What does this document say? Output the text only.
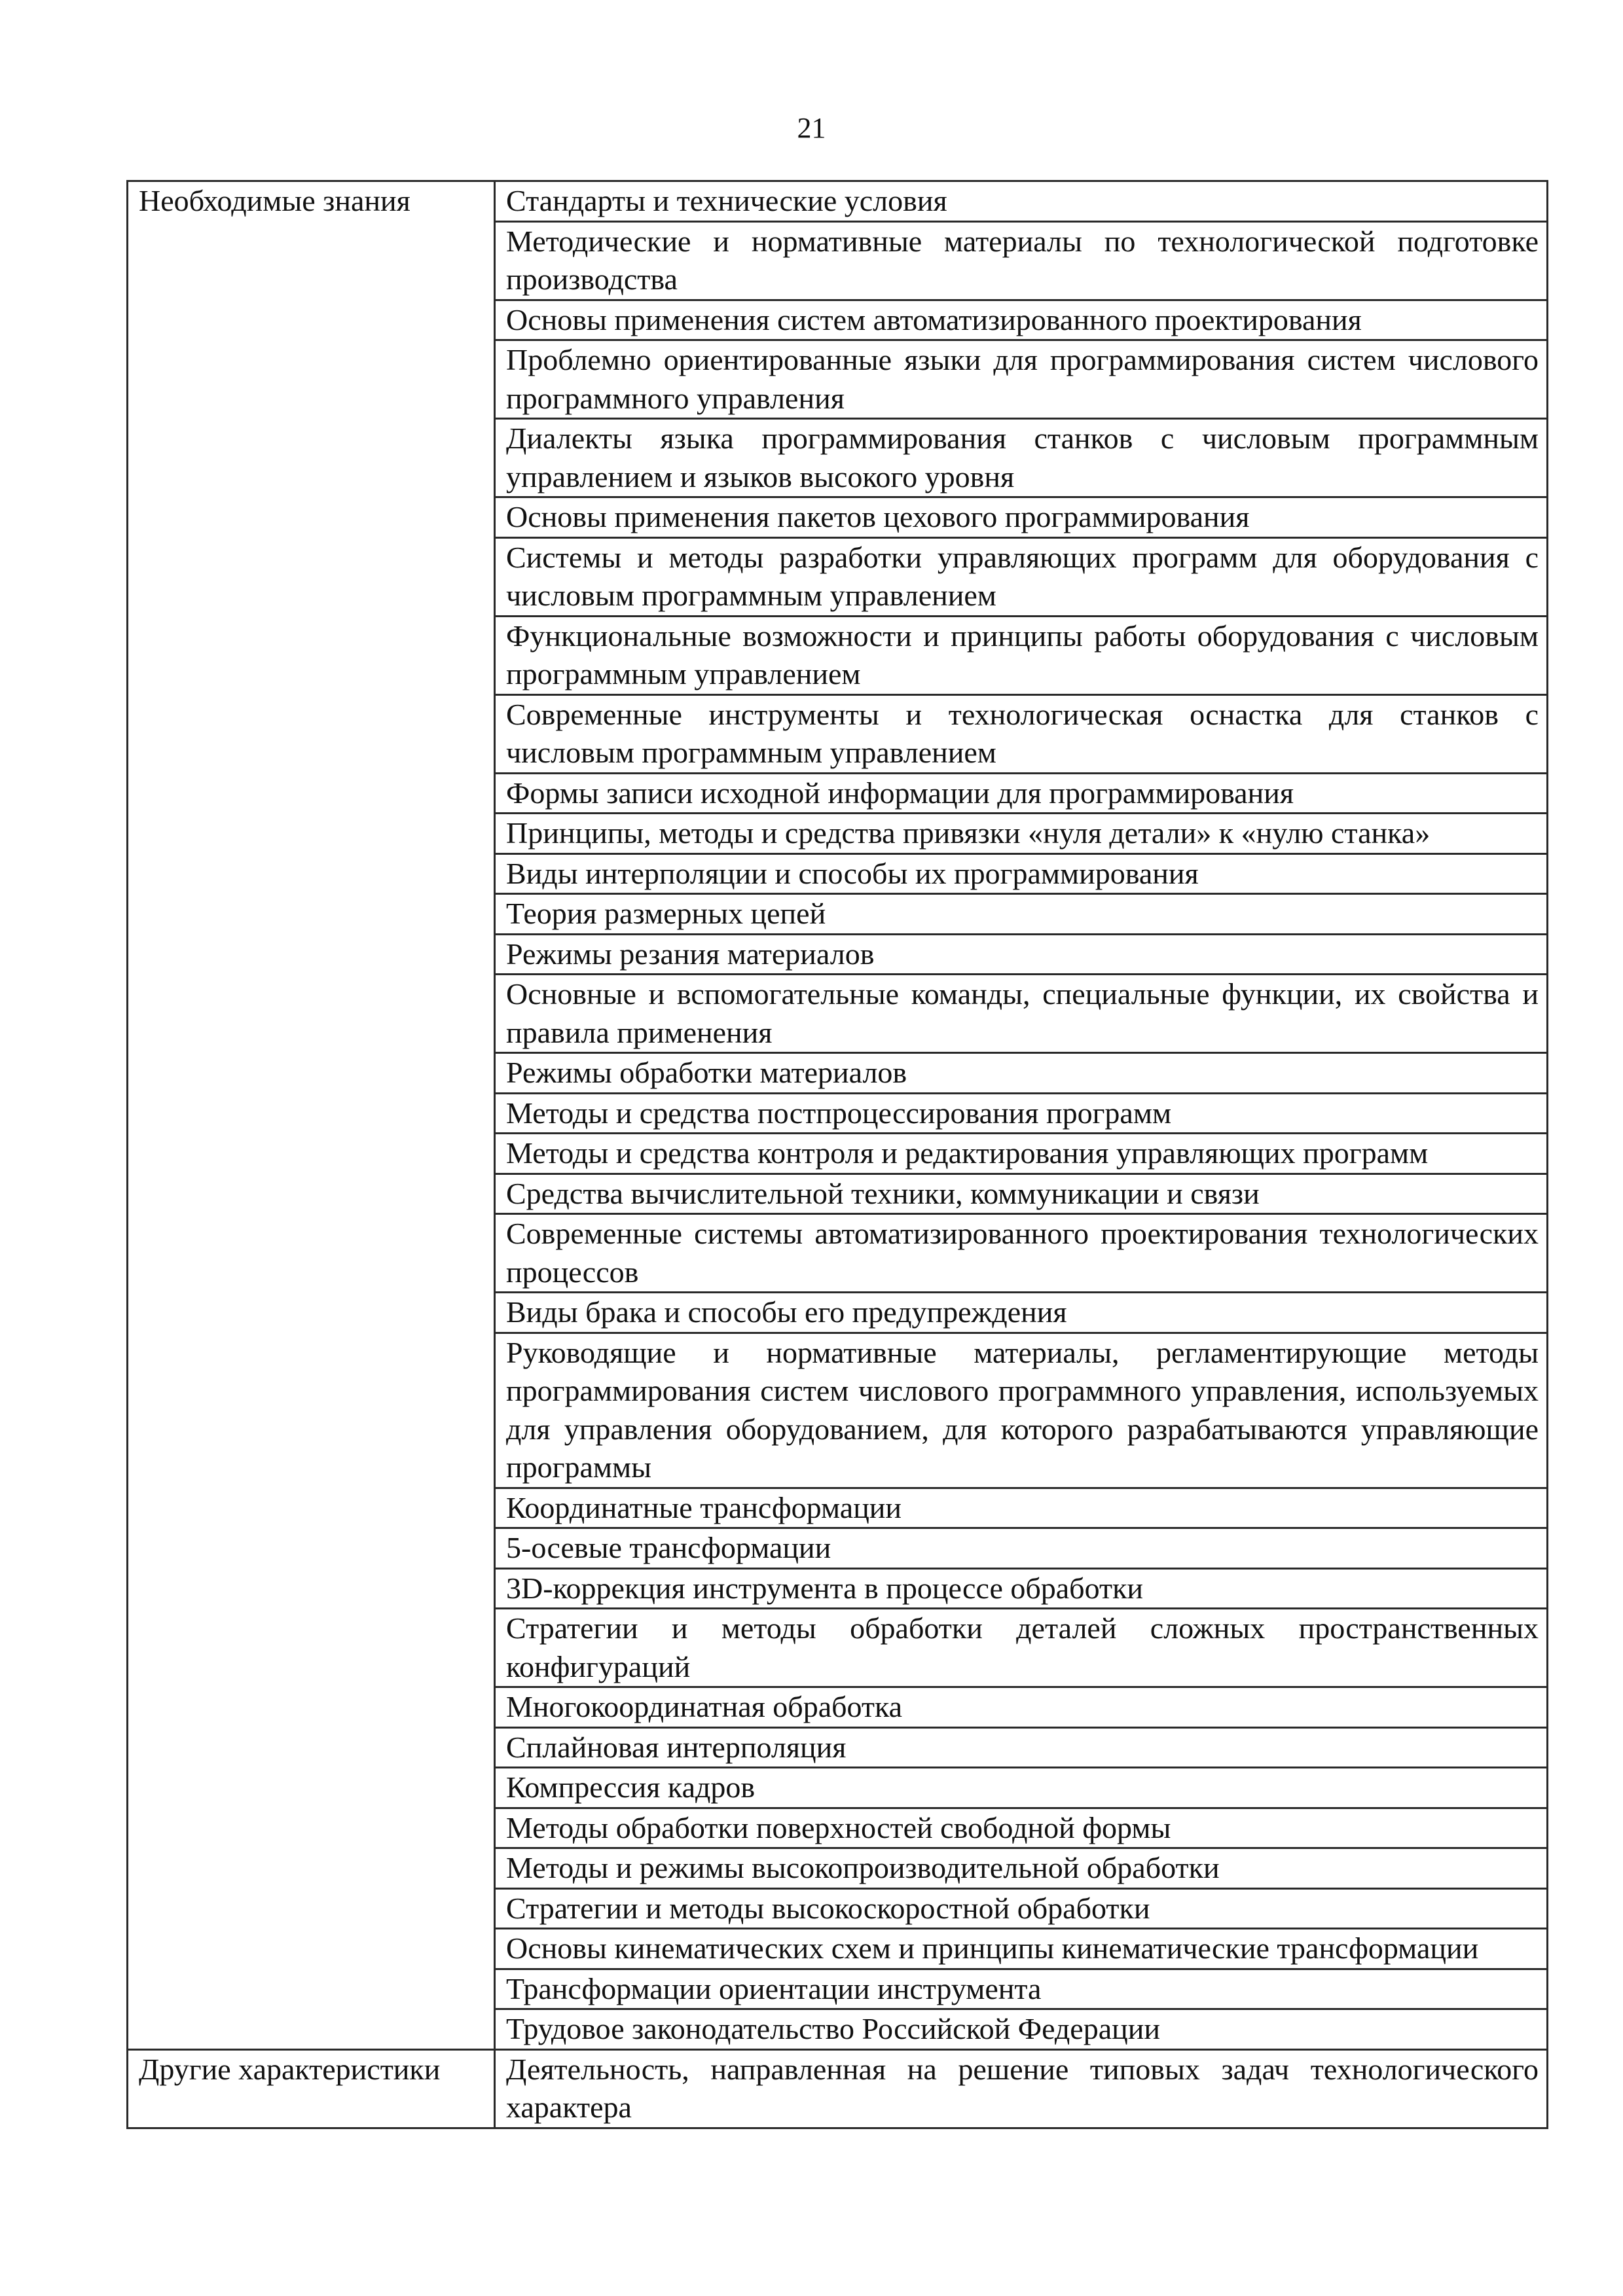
21
Необходимые знания	Стандарты и технические условия
	Методические и нормативные материалы по технологической подготовке производства
	Основы применения систем автоматизированного проектирования
	Проблемно ориентированные языки для программирования систем числового программного управления
	Диалекты языка программирования станков с числовым программным управлением и языков высокого уровня
	Основы применения пакетов цехового программирования
	Системы и методы разработки управляющих программ для оборудования с числовым программным управлением
	Функциональные возможности и принципы работы оборудования с числовым программным управлением
	Современные инструменты и технологическая оснастка для станков с числовым программным управлением
	Формы записи исходной информации для программирования
	Принципы, методы и средства привязки «нуля детали» к «нулю станка»
	Виды интерполяции и способы их программирования
	Теория размерных цепей
	Режимы резания материалов
	Основные и вспомогательные команды, специальные функции, их свойства и правила применения
	Режимы обработки материалов
	Методы и средства постпроцессирования программ
	Методы и средства контроля и редактирования управляющих программ
	Средства вычислительной техники, коммуникации и связи
	Современные системы автоматизированного проектирования технологических процессов
	Виды брака и способы его предупреждения
	Руководящие и нормативные материалы, регламентирующие методы программирования систем числового программного управления, используемых для управления оборудованием, для которого разрабатываются управляющие программы
	Координатные трансформации
	5-осевые трансформации
	3D-коррекция инструмента в процессе обработки
	Стратегии и методы обработки деталей сложных пространственных конфигураций
	Многокоординатная обработка
	Сплайновая интерполяция
	Компрессия кадров
	Методы обработки поверхностей свободной формы
	Методы и режимы высокопроизводительной обработки
	Стратегии и методы высокоскоростной обработки
	Основы кинематических схем и принципы кинематические трансформации
	Трансформации ориентации инструмента
	Трудовое законодательство Российской Федерации
Другие характеристики	Деятельность, направленная на решение типовых задач технологического характера
